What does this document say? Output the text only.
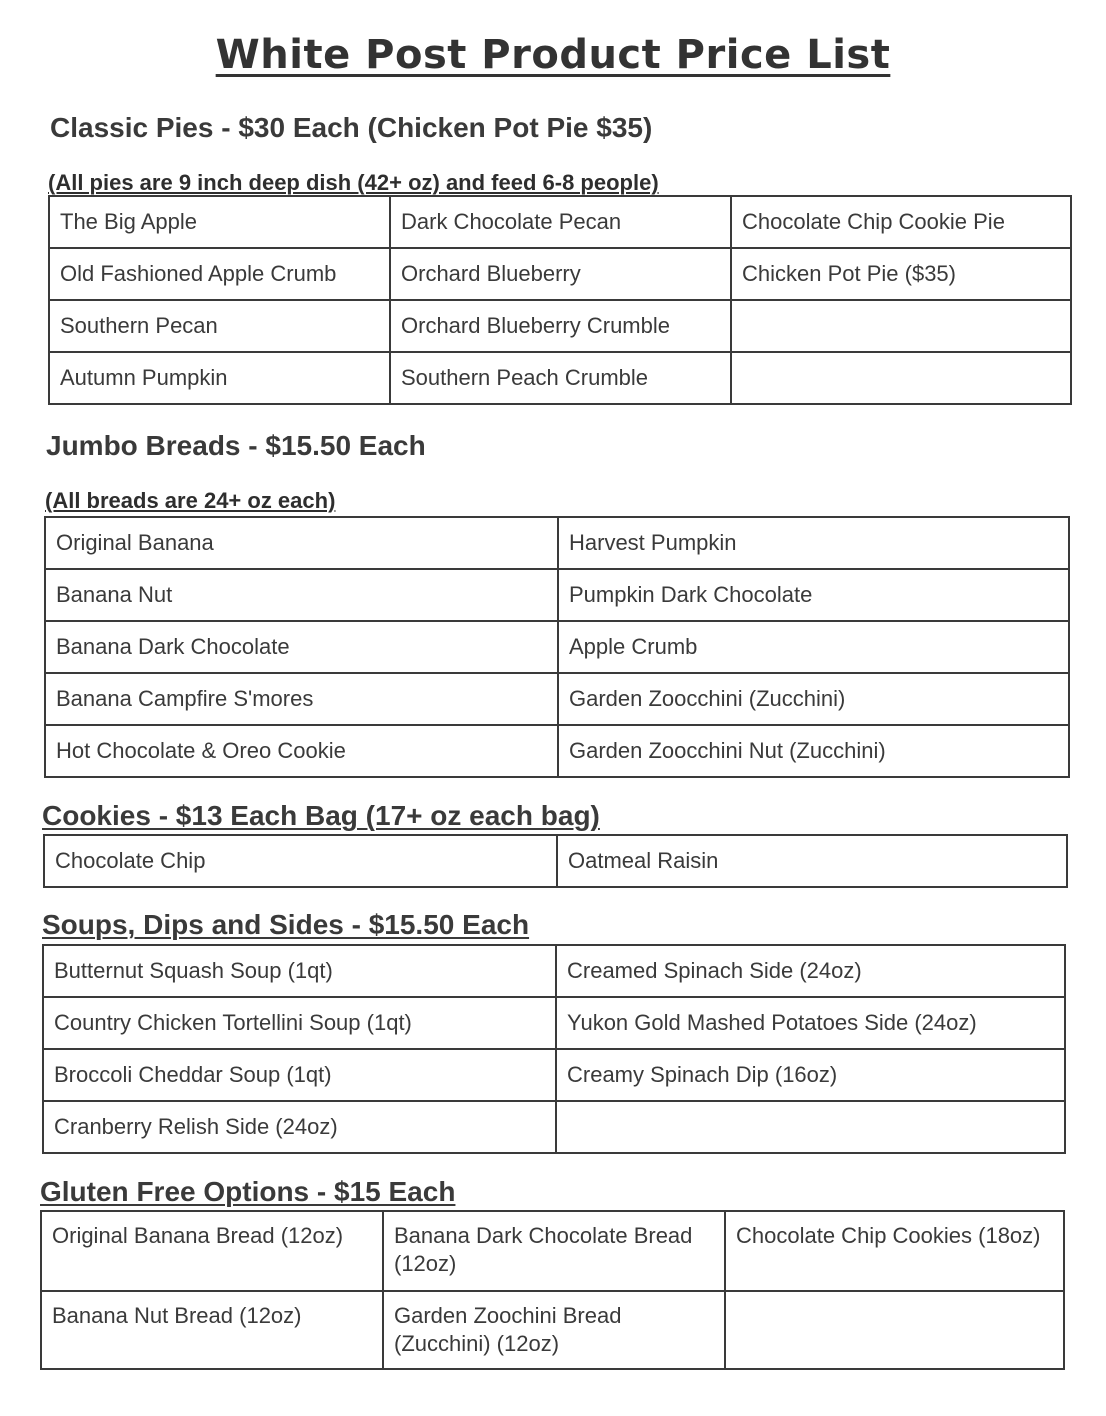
White Post Product Price List
Classic Pies - $30 Each (Chicken Pot Pie $35)
(All pies are 9 inch deep dish (42+ oz) and feed 6-8 people)
The Big Apple	Dark Chocolate Pecan	Chocolate Chip Cookie Pie
Old Fashioned Apple Crumb	Orchard Blueberry	Chicken Pot Pie ($35)
Southern Pecan	Orchard Blueberry Crumble	
Autumn Pumpkin	Southern Peach Crumble	
Jumbo Breads - $15.50 Each
(All breads are 24+ oz each)
Original Banana	Harvest Pumpkin
Banana Nut	Pumpkin Dark Chocolate
Banana Dark Chocolate	Apple Crumb
Banana Campfire S'mores	Garden Zoocchini (Zucchini)
Hot Chocolate & Oreo Cookie	Garden Zoocchini Nut (Zucchini)
Cookies - $13 Each Bag (17+ oz each bag)
Chocolate Chip	Oatmeal Raisin
Soups, Dips and Sides - $15.50 Each
Butternut Squash Soup (1qt)	Creamed Spinach Side (24oz)
Country Chicken Tortellini Soup (1qt)	Yukon Gold Mashed Potatoes Side (24oz)
Broccoli Cheddar Soup (1qt)	Creamy Spinach Dip (16oz)
Cranberry Relish Side (24oz)	
Gluten Free Options - $15 Each
Original Banana Bread (12oz)	Banana Dark Chocolate Bread (12oz)	Chocolate Chip Cookies (18oz)
Banana Nut Bread (12oz)	Garden Zoochini Bread (Zucchini) (12oz)	
